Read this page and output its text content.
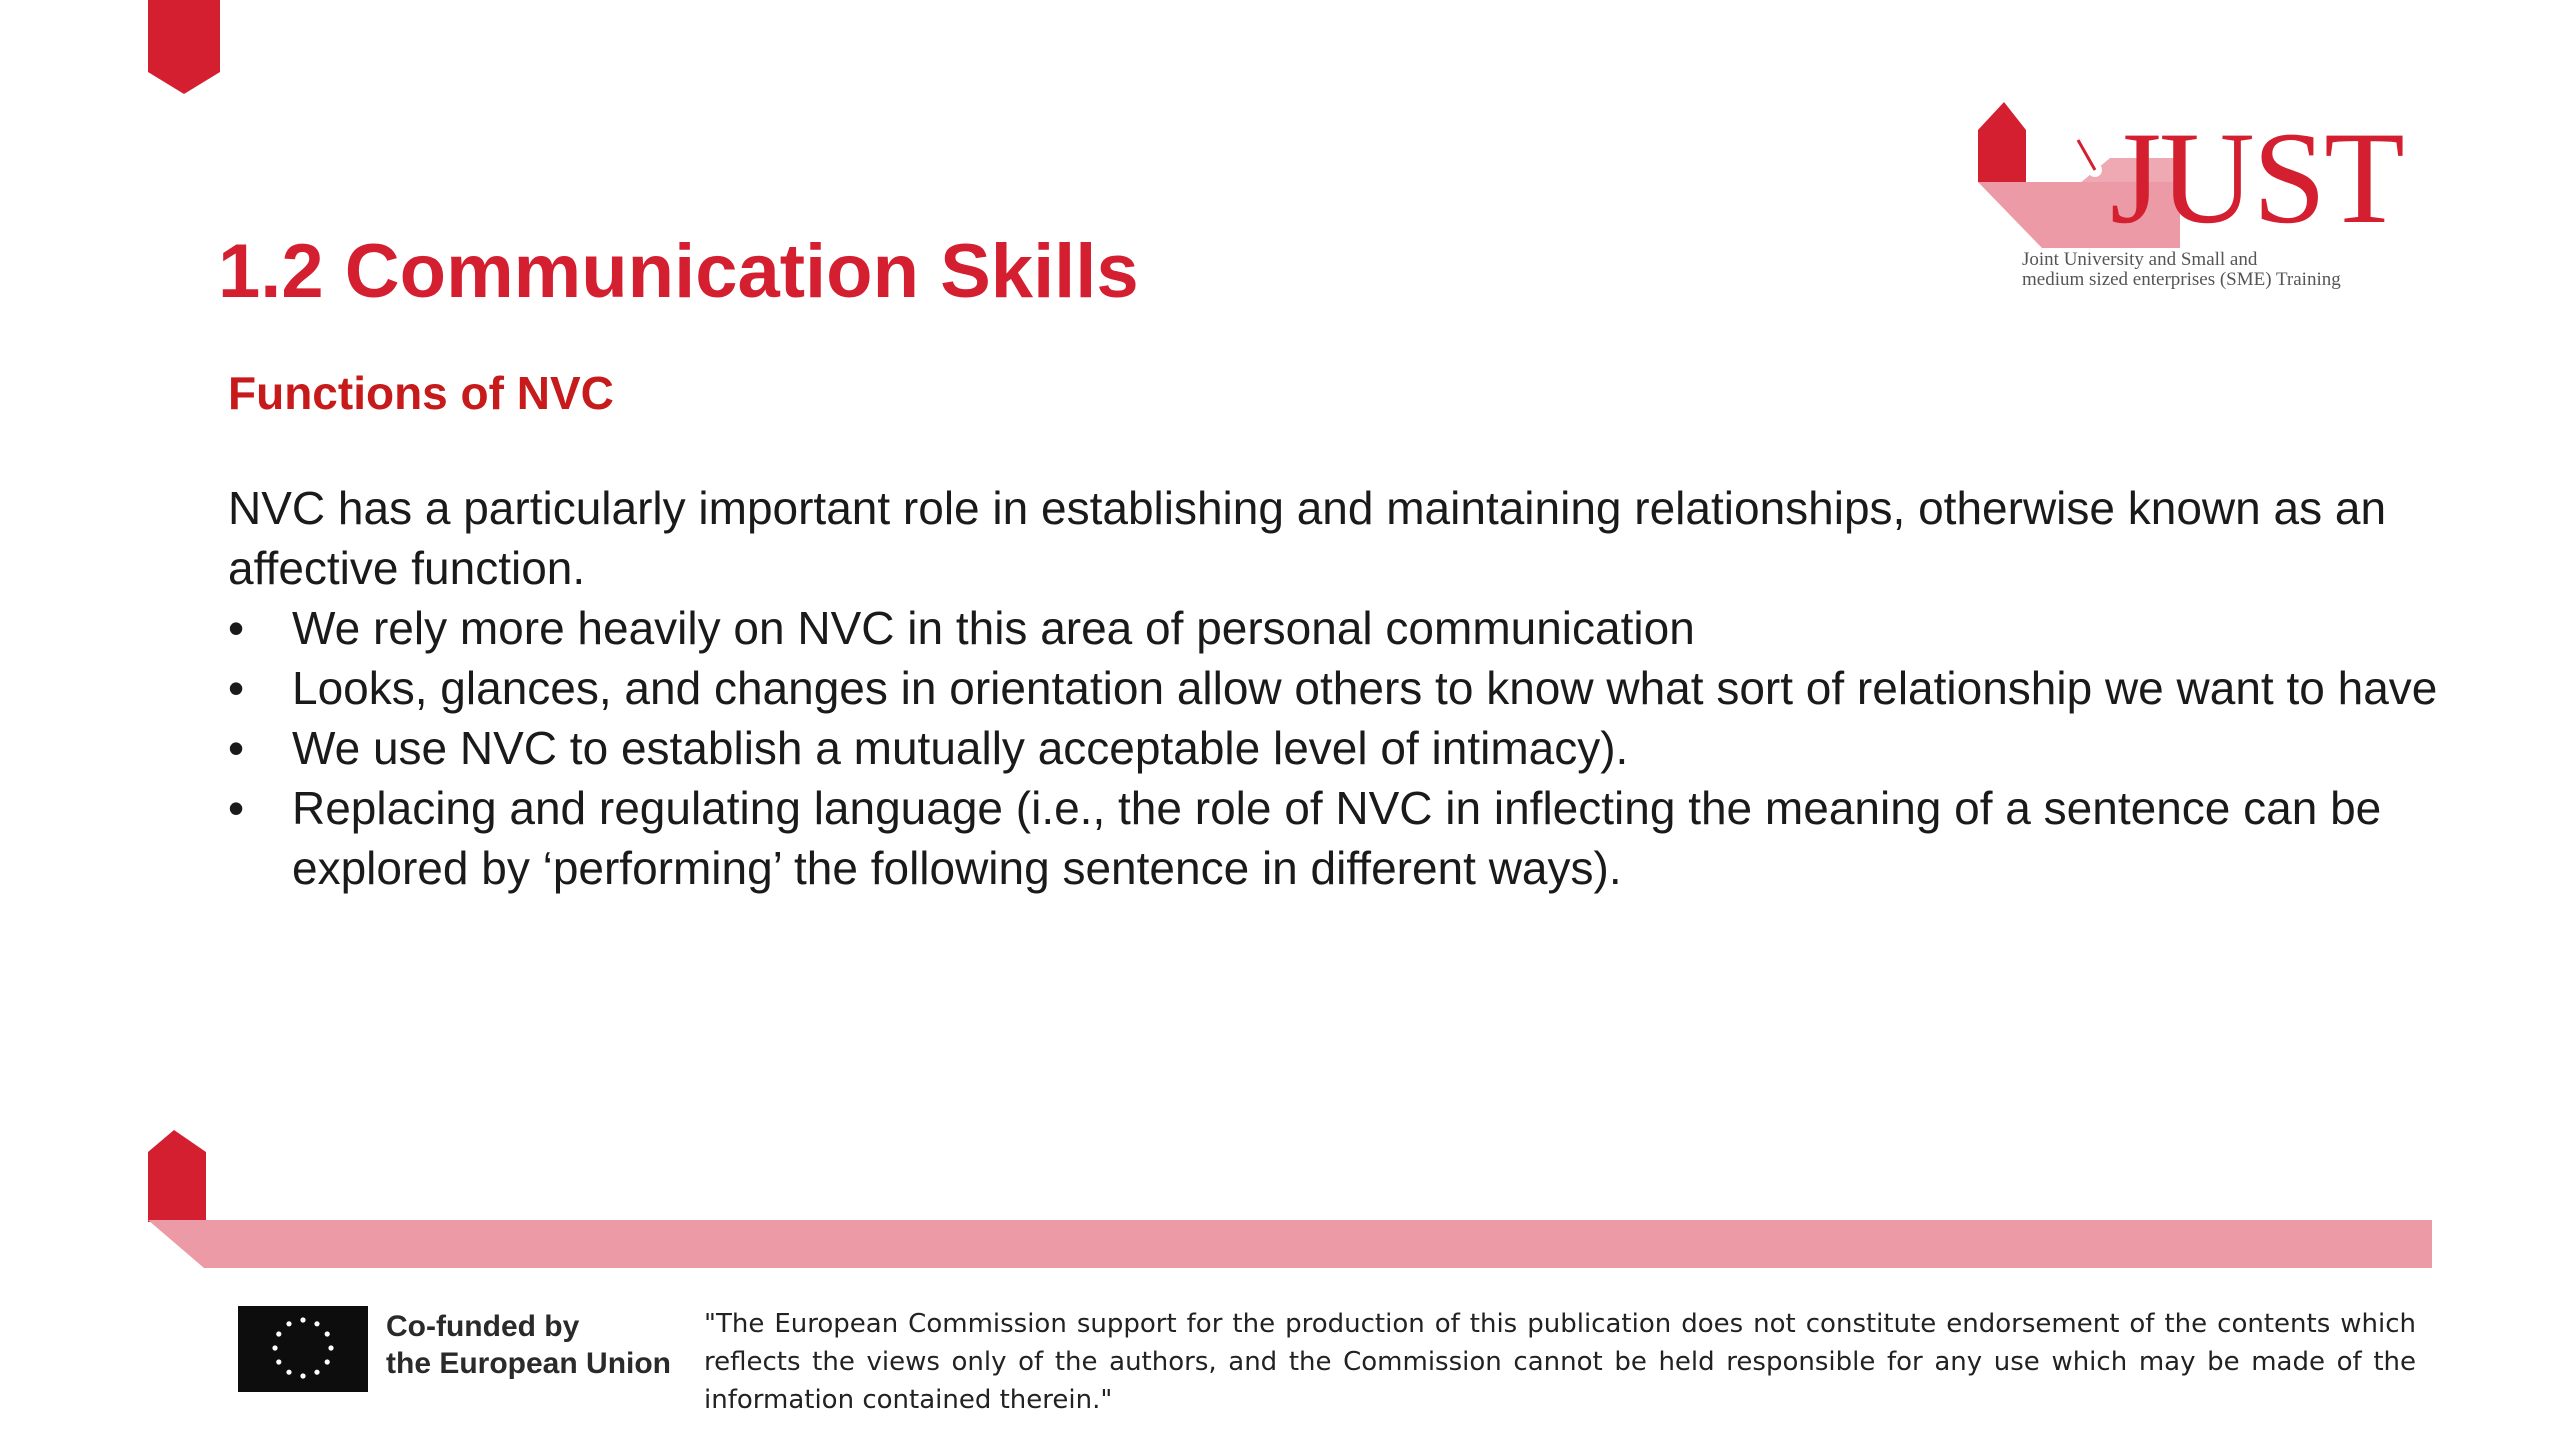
JUST
Joint University and Small and
medium sized enterprises (SME) Training
1.2 Communication Skills
Functions of NVC

NVC has a particularly important role in establishing and maintaining relationships, otherwise known as an affective function.

•	We rely more heavily on NVC in this area of personal communication
•	Looks, glances, and changes in orientation allow others to know what sort of relationship we want to have
•	We use NVC to establish a mutually acceptable level of intimacy).
•	Replacing and regulating language (i.e., the role of NVC in inflecting the meaning of a sentence can be explored by ‘performing’ the following sentence in different ways).

Co-funded by
the European Union

"The European Commission support for the production of this publication does not constitute endorsement of the contents which reflects the views only of the authors, and the Commission cannot be held responsible for any use which may be made of the information contained therein."
